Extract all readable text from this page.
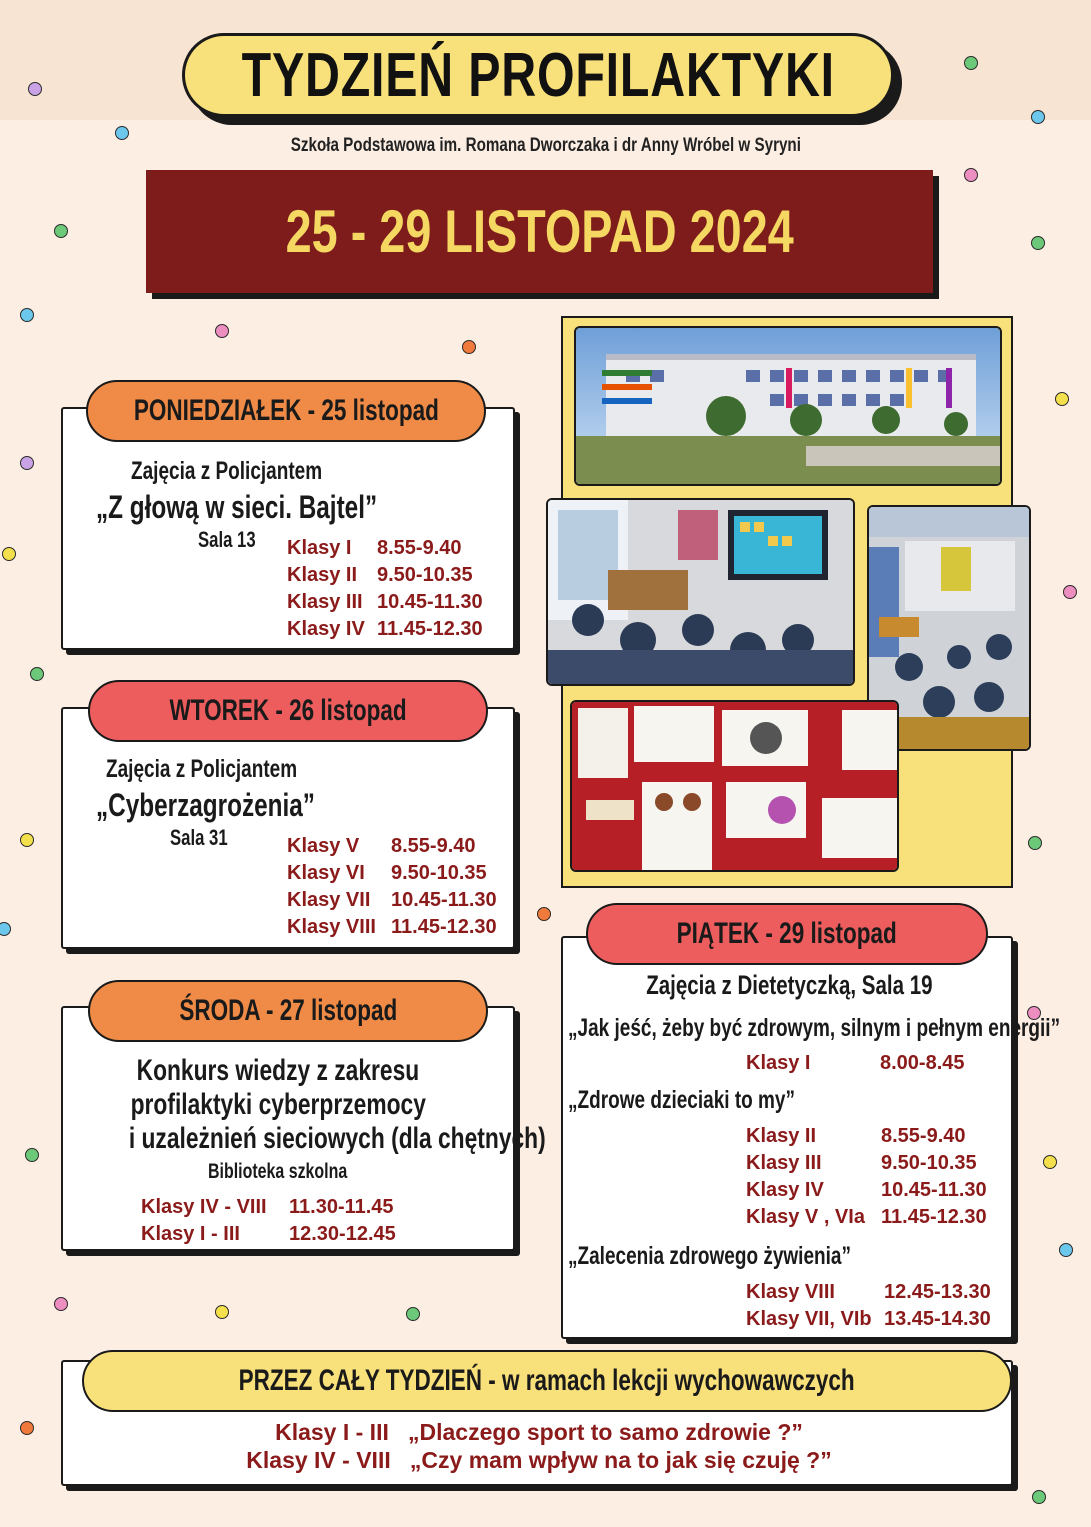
TYDZIEŃ PROFILAKTYKI
Szkoła Podstawowa im. Romana Dworczaka i dr Anny Wróbel w Syryni
25 - 29 LISTOPAD 2024
Zajęcia z Policjantem
„Z głową w sieci. Bajtel”
Sala 13	Klasy I 8.55-9.40
Klasy II 9.50-10.35
Klasy III 10.45-11.30
Klasy IV 11.45-12.30
PONIEDZIAŁEK - 25 listopad
Zajęcia z Policjantem
„Cyberzagrożenia”
Sala 31	Klasy V 8.55-9.40
Klasy VI 9.50-10.35
Klasy VII 10.45-11.30
Klasy VIII 11.45-12.30
WTOREK - 26 listopad
Konkurs wiedzy z zakresu
profilaktyki cyberprzemocy
i uzależnień sieciowych (dla chętnych)
Biblioteka szkolna
Klasy IV - VIII 11.30-11.45
Klasy I - III 12.30-12.45
ŚRODA - 27 listopad
Zajęcia z Dietetyczką, Sala 19
„Jak jeść, żeby być zdrowym, silnym i pełnym energii”
Klasy I	8.00-8.45
„Zdrowe dzieciaki to my”
Klasy II	8.55-9.40
Klasy III	9.50-10.35
Klasy IV	10.45-11.30
Klasy V , VIa 11.45-12.30
„Zalecenia zdrowego żywienia”
Klasy VIII 12.45-13.30
Klasy VII, VIb 13.45-14.30
PIĄTEK - 29 listopad
Klasy I - III „Dlaczego sport to samo zdrowie ?”
Klasy IV - VIII „Czy mam wpływ na to jak się czuję ?”
PRZEZ CAŁY TYDZIEŃ - w ramach lekcji wychowawczych
